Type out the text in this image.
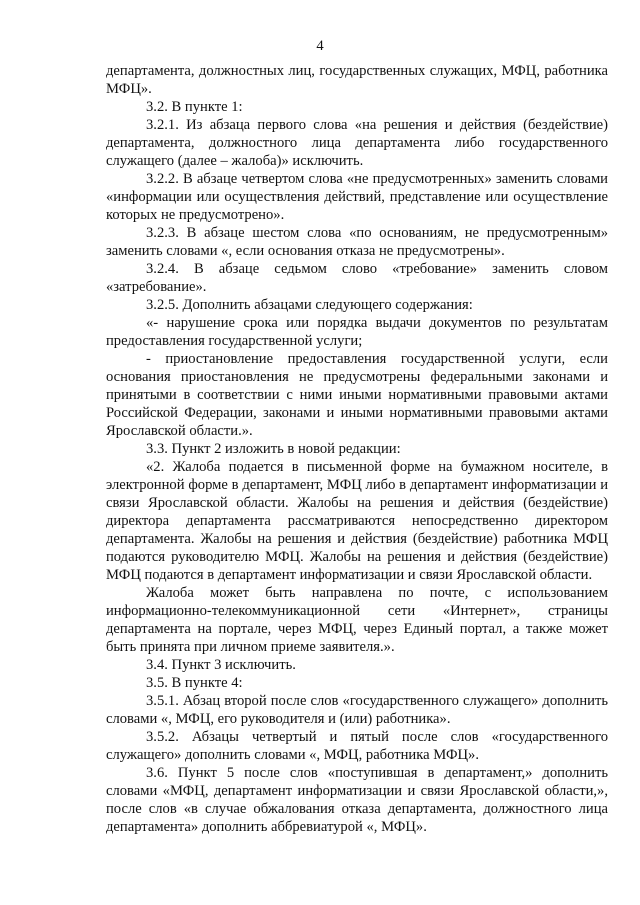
4

департамента, должностных лиц, государственных служащих, МФЦ, работника МФЦ».

3.2. В пункте 1:

3.2.1. Из абзаца первого слова «на решения и действия (бездействие) департамента, должностного лица департамента либо государственного служащего (далее – жалоба)» исключить.

3.2.2. В абзаце четвертом слова «не предусмотренных» заменить словами «информации или осуществления действий, представление или осуществление которых не предусмотрено».

3.2.3. В абзаце шестом слова «по основаниям, не предусмотренным» заменить словами «, если основания отказа не предусмотрены».

3.2.4. В абзаце седьмом слово «требование» заменить словом «затребование».

3.2.5. Дополнить абзацами следующего содержания:

«- нарушение срока или порядка выдачи документов по результатам предоставления государственной услуги;

- приостановление предоставления государственной услуги, если основания приостановления не предусмотрены федеральными законами и принятыми в соответствии с ними иными нормативными правовыми актами Российской Федерации, законами и иными нормативными правовыми актами Ярославской области.».

3.3. Пункт 2 изложить в новой редакции:

«2. Жалоба подается в письменной форме на бумажном носителе, в электронной форме в департамент, МФЦ либо в департамент информатизации и связи Ярославской области. Жалобы на решения и действия (бездействие) директора департамента рассматриваются непосредственно директором департамента. Жалобы на решения и действия (бездействие) работника МФЦ подаются руководителю МФЦ. Жалобы на решения и действия (бездействие) МФЦ подаются в департамент информатизации и связи Ярославской области.

Жалоба может быть направлена по почте, с использованием информационно-телекоммуникационной сети «Интернет», страницы департамента на портале, через МФЦ, через Единый портал, а также может быть принята при личном приеме заявителя.».

3.4. Пункт 3 исключить.

3.5. В пункте 4:

3.5.1. Абзац второй после слов «государственного служащего» дополнить словами «, МФЦ, его руководителя и (или) работника».

3.5.2. Абзацы четвертый и пятый после слов «государственного служащего» дополнить словами «, МФЦ, работника МФЦ».

3.6. Пункт 5 после слов «поступившая в департамент,» дополнить словами «МФЦ, департамент информатизации и связи Ярославской области,», после слов «в случае обжалования отказа департамента, должностного лица департамента» дополнить аббревиатурой «, МФЦ».
